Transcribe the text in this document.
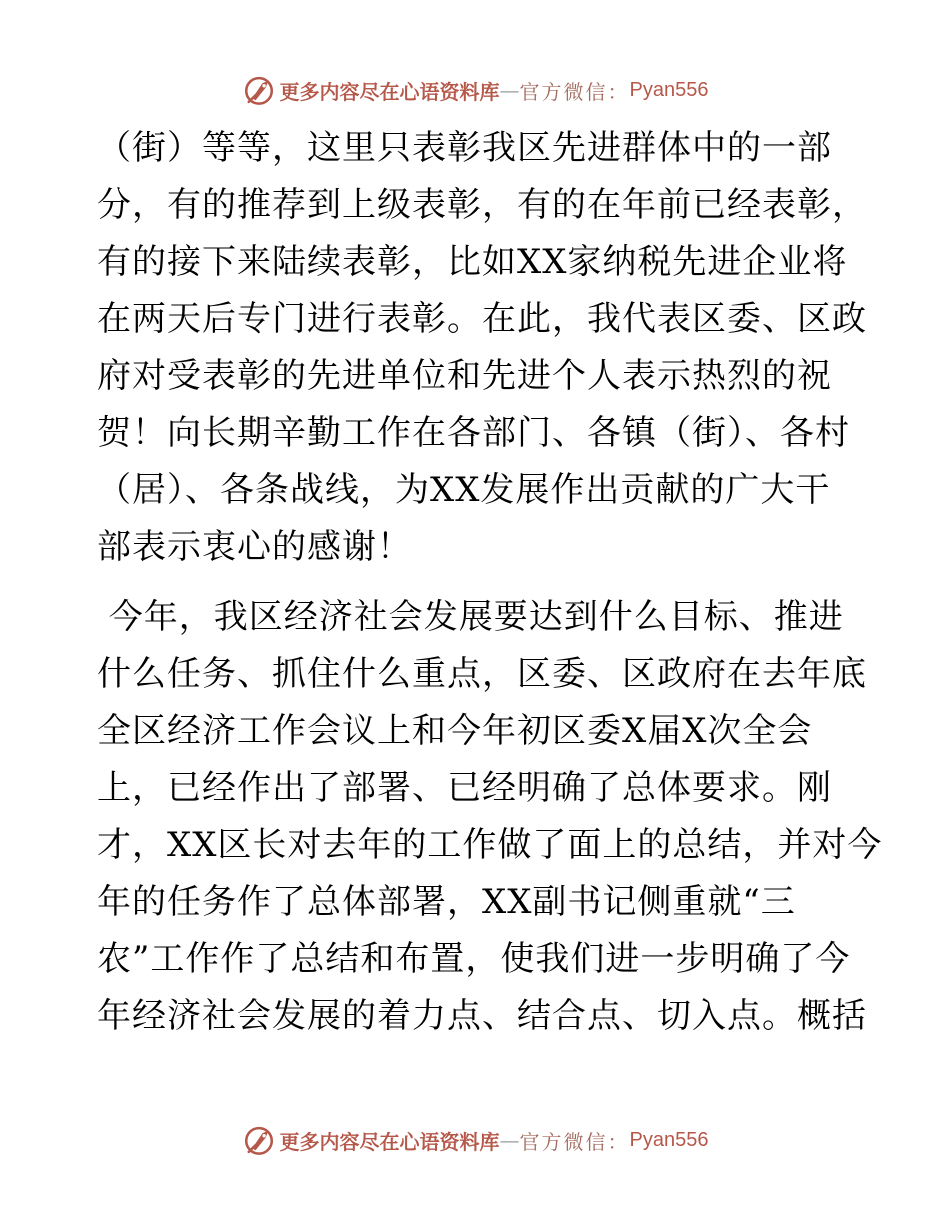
更多内容尽在心语资料库 — 官方微信： Pyan556
（街）等等，这里只表彰我区先进群体中的一部
分，有的推荐到上级表彰，有的在年前已经表彰，
有的接下来陆续表彰，比如XX家纳税先进企业将
在两天后专门进行表彰。在此，我代表区委、区政
府对受表彰的先进单位和先进个人表示热烈的祝
贺！向长期辛勤工作在各部门、各镇（街）、各村
（居）、各条战线，为XX发展作出贡献的广大干
部表示衷心的感谢！
今年，我区经济社会发展要达到什么目标、推进
什么任务、抓住什么重点，区委、区政府在去年底
全区经济工作会议上和今年初区委X届X次全会
上，已经作出了部署、已经明确了总体要求。刚
才，XX区长对去年的工作做了面上的总结，并对今
年的任务作了总体部署，XX副书记侧重就“三
农”工作作了总结和布置，使我们进一步明确了今
年经济社会发展的着力点、结合点、切入点。概括
更多内容尽在心语资料库 — 官方微信： Pyan556
